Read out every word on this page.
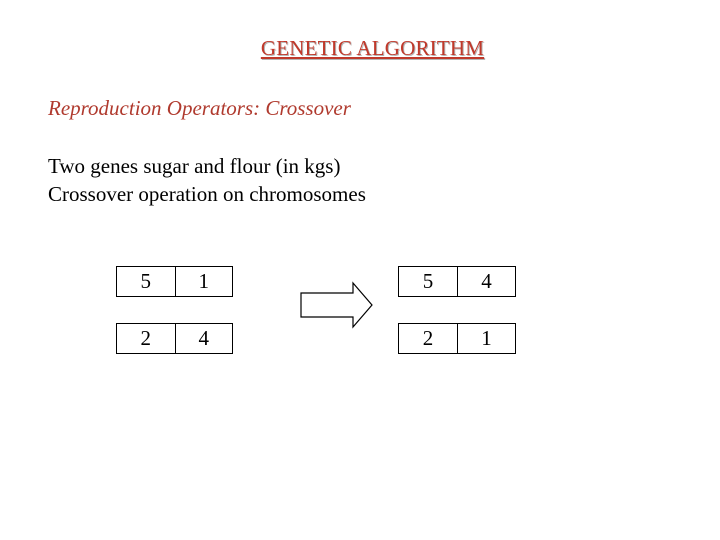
GENETIC ALGORITHM
Reproduction Operators: Crossover
Two genes sugar and flour (in kgs)
Crossover operation on chromosomes
5	1
2	4
5	4
2	1
